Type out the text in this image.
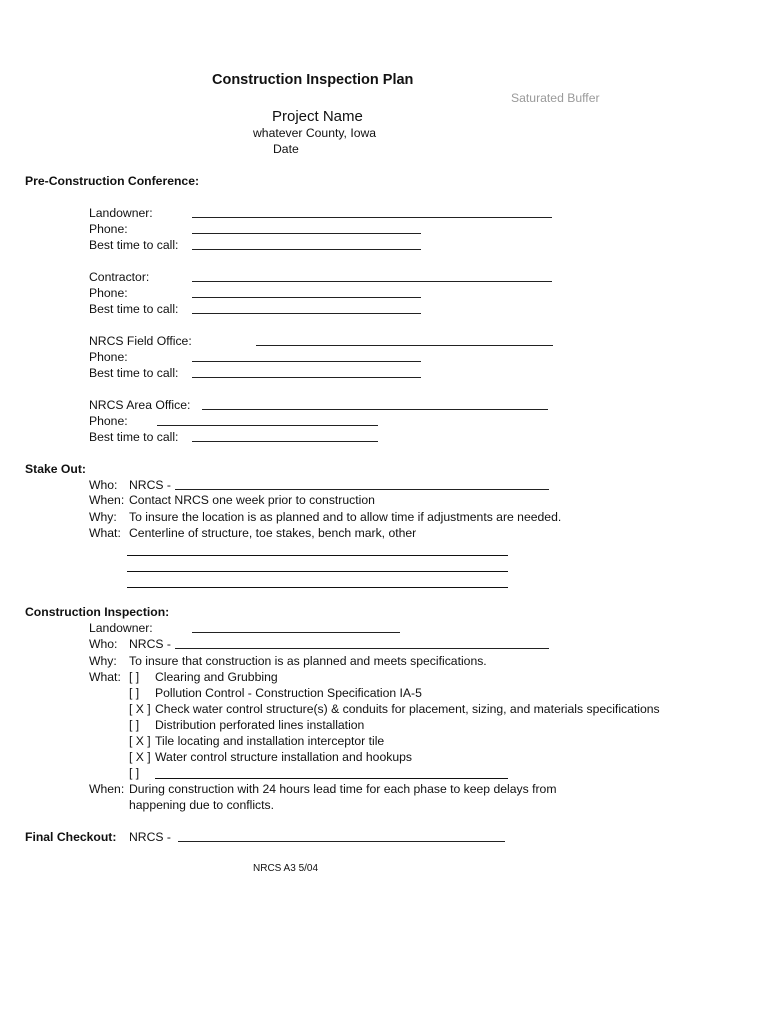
Construction Inspection Plan
Saturated Buffer
Project Name
whatever County, Iowa
Date
Pre-Construction Conference:
Landowner:
Phone:
Best time to call:
Contractor:
Phone:
Best time to call:
NRCS Field Office:
Phone:
Best time to call:
NRCS Area Office:
Phone:
Best time to call:
Stake Out:
Who: NRCS -
When: Contact NRCS one week prior to construction
Why: To insure the location is as planned and to allow time if adjustments are needed.
What: Centerline of structure, toe stakes, bench mark, other
Construction Inspection:
Landowner:
Who: NRCS -
Why: To insure that construction is as planned and meets specifications.
What: [ ] Clearing and Grubbing
[ ] Pollution Control - Construction Specification IA-5
[ X ] Check water control structure(s) & conduits for placement, sizing, and materials specifications
[ ] Distribution perforated lines installation
[ X ] Tile locating and installation interceptor tile
[ X ] Water control structure installation and hookups
[ ]
When: During construction with 24 hours lead time for each phase to keep delays from
happening due to conflicts.
Final Checkout: NRCS -
NRCS A3 5/04
